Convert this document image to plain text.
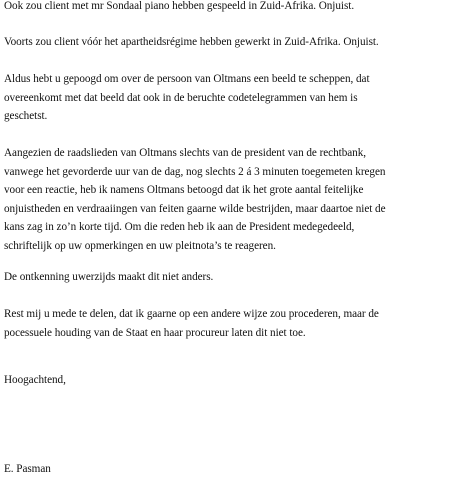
Ook zou client met mr Sondaal piano hebben gespeeld in Zuid-Afrika. Onjuist.

Voorts zou client vóór het apartheidsrégime hebben gewerkt in Zuid-Afrika. Onjuist.

Aldus hebt u gepoogd om over de persoon van Oltmans een beeld te scheppen, dat
overeenkomt met dat beeld dat ook in de beruchte codetelegrammen van hem is
geschetst.

Aangezien de raadslieden van Oltmans slechts van de president van de rechtbank,
vanwege het gevorderde uur van de dag, nog slechts 2 á 3 minuten toegemeten kregen
voor een reactie, heb ik namens Oltmans betoogd dat ik het grote aantal feitelijke
onjuistheden en verdraaiingen van feiten gaarne wilde bestrijden, maar daartoe niet de
kans zag in zo’n korte tijd. Om die reden heb ik aan de President medegedeeld,
schriftelijk op uw opmerkingen en uw pleitnota’s te reageren.

De ontkenning uwerzijds maakt dit niet anders.

Rest mij u mede te delen, dat ik gaarne op een andere wijze zou procederen, maar de
pocessuele houding van de Staat en haar procureur laten dit niet toe.

Hoogachtend,

E. Pasman
